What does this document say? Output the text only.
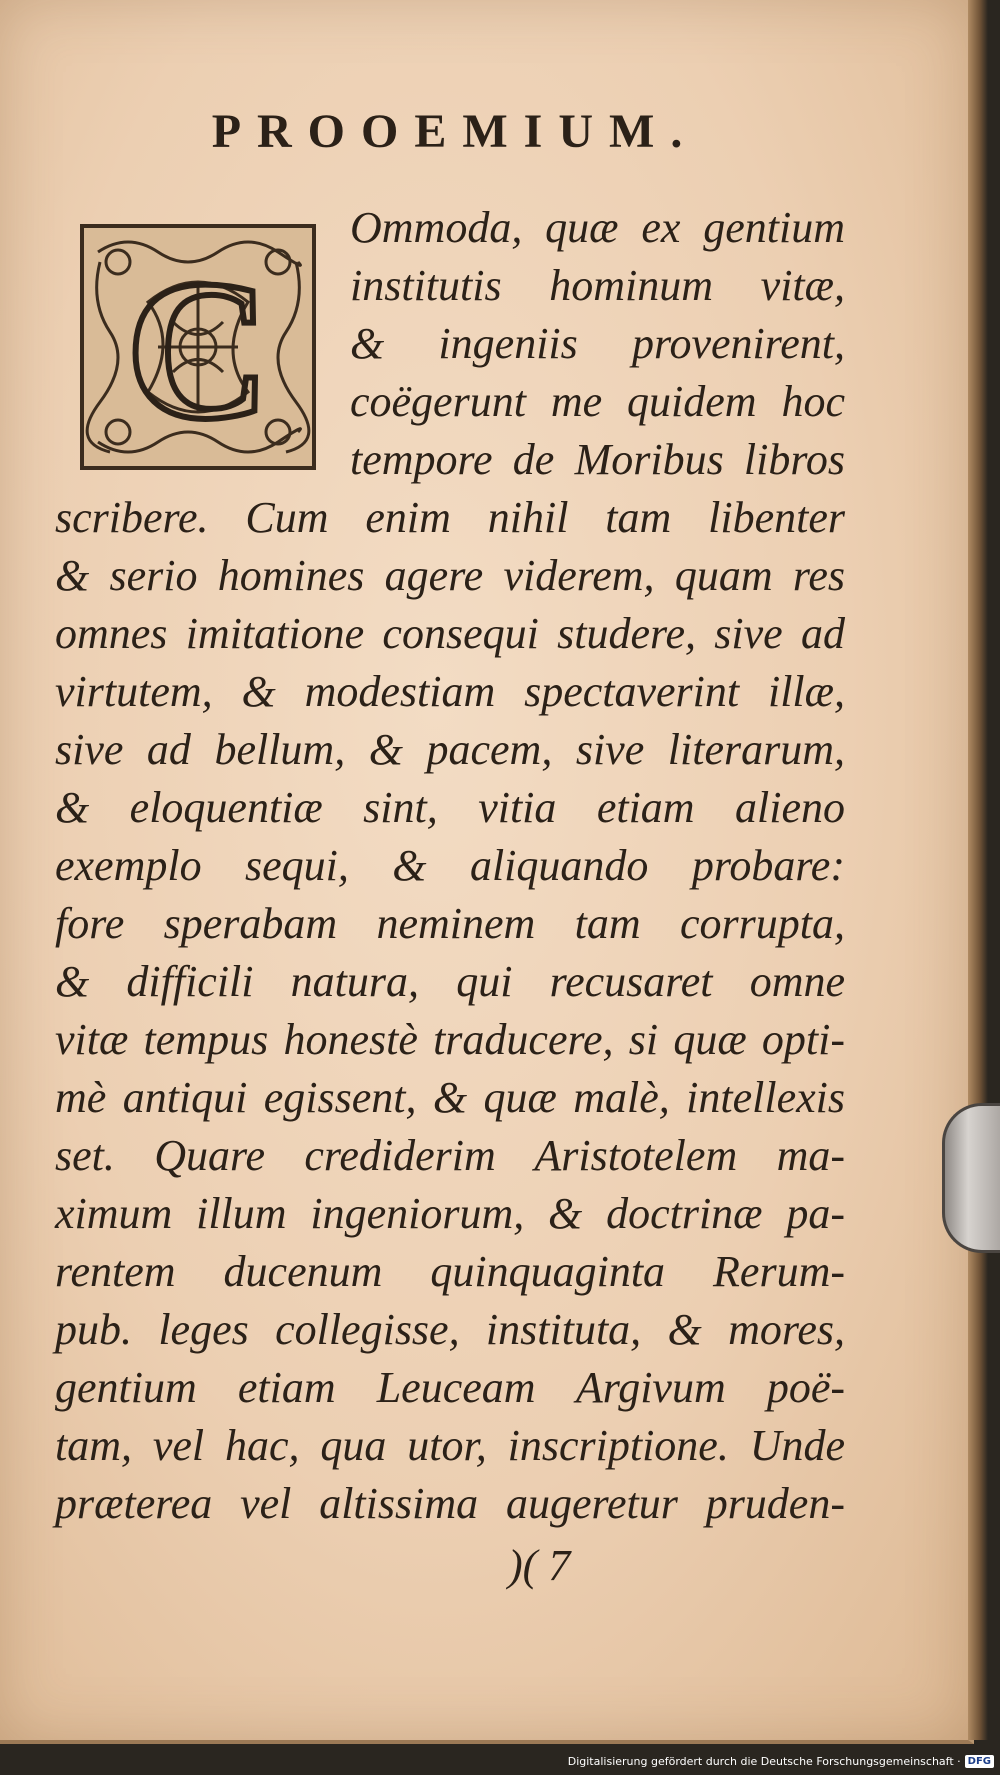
PROOEMIUM.
C
Ommoda, quæ ex gentium
institutis hominum vitæ,
& ingeniis provenirent,
coëgerunt me quidem hoc
tempore de Moribus libros
scribere. Cum enim nihil tam libenter
& serio homines agere viderem, quam res
omnes imitatione consequi studere, sive ad
virtutem, & modestiam spectaverint illæ,
sive ad bellum, & pacem, sive literarum,
& eloquentiæ sint, vitia etiam alieno
exemplo sequi, & aliquando probare:
fore sperabam neminem tam corrupta,
& difficili natura, qui recusaret omne
vitæ tempus honestè traducere, si quæ opti-
mè antiqui egissent, & quæ malè, intellexis
set. Quare crediderim Aristotelem ma-
ximum illum ingeniorum, & doctrinæ pa-
rentem ducenum quinquaginta Rerum-
pub. leges collegisse, instituta, & mores,
gentium etiam Leuceam Argivum poë-
tam, vel hac, qua utor, inscriptione. Unde
præterea vel altissima augeretur pruden-
)( 7
Digitalisierung gefördert durch die Deutsche Forschungsgemeinschaft · DFG
